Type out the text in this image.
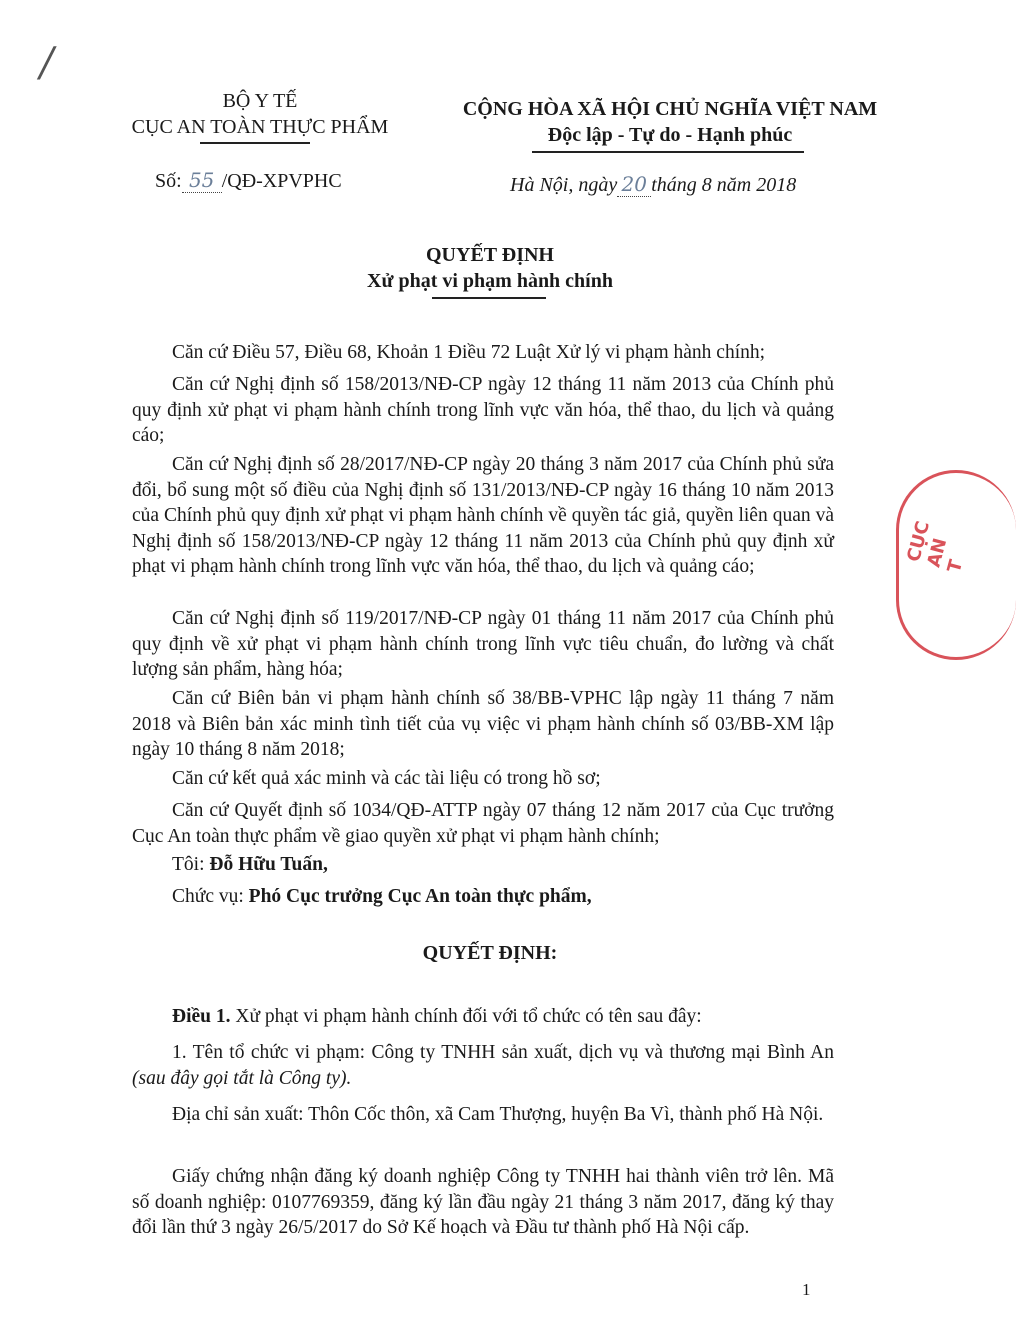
/
BỘ Y TẾ
CỤC AN TOÀN THỰC PHẨM
CỘNG HÒA XÃ HỘI CHỦ NGHĨA VIỆT NAM
Độc lập - Tự do - Hạnh phúc
Số: 55 /QĐ-XPVPHC	Hà Nội, ngày 20 tháng 8 năm 2018
QUYẾT ĐỊNH
Xử phạt vi phạm hành chính
Căn cứ Điều 57, Điều 68, Khoản 1 Điều 72 Luật Xử lý vi phạm hành chính;
Căn cứ Nghị định số 158/2013/NĐ-CP ngày 12 tháng 11 năm 2013 của Chính phủ quy định xử phạt vi phạm hành chính trong lĩnh vực văn hóa, thể thao, du lịch và quảng cáo;
Căn cứ Nghị định số 28/2017/NĐ-CP ngày 20 tháng 3 năm 2017 của Chính phủ sửa đổi, bổ sung một số điều của Nghị định số 131/2013/NĐ-CP ngày 16 tháng 10 năm 2013 của Chính phủ quy định xử phạt vi phạm hành chính về quyền tác giả, quyền liên quan và Nghị định số 158/2013/NĐ-CP ngày 12 tháng 11 năm 2013 của Chính phủ quy định xử phạt vi phạm hành chính trong lĩnh vực văn hóa, thể thao, du lịch và quảng cáo;
Căn cứ Nghị định số 119/2017/NĐ-CP ngày 01 tháng 11 năm 2017 của Chính phủ quy định về xử phạt vi phạm hành chính trong lĩnh vực tiêu chuẩn, đo lường và chất lượng sản phẩm, hàng hóa;
Căn cứ Biên bản vi phạm hành chính số 38/BB-VPHC lập ngày 11 tháng 7 năm 2018 và Biên bản xác minh tình tiết của vụ việc vi phạm hành chính số 03/BB-XM lập ngày 10 tháng 8 năm 2018;
Căn cứ kết quả xác minh và các tài liệu có trong hồ sơ;
Căn cứ Quyết định số 1034/QĐ-ATTP ngày 07 tháng 12 năm 2017 của Cục trưởng Cục An toàn thực phẩm về giao quyền xử phạt vi phạm hành chính;
Tôi: Đỗ Hữu Tuấn,
Chức vụ: Phó Cục trưởng Cục An toàn thực phẩm,
QUYẾT ĐỊNH:
Điều 1. Xử phạt vi phạm hành chính đối với tổ chức có tên sau đây:
1. Tên tổ chức vi phạm: Công ty TNHH sản xuất, dịch vụ và thương mại Bình An (sau đây gọi tắt là Công ty).
Địa chỉ sản xuất: Thôn Cốc thôn, xã Cam Thượng, huyện Ba Vì, thành phố Hà Nội.
Giấy chứng nhận đăng ký doanh nghiệp Công ty TNHH hai thành viên trở lên. Mã số doanh nghiệp: 0107769359, đăng ký lần đầu ngày 21 tháng 3 năm 2017, đăng ký thay đổi lần thứ 3 ngày 26/5/2017 do Sở Kế hoạch và Đầu tư thành phố Hà Nội cấp.
1
CỤC AN T
